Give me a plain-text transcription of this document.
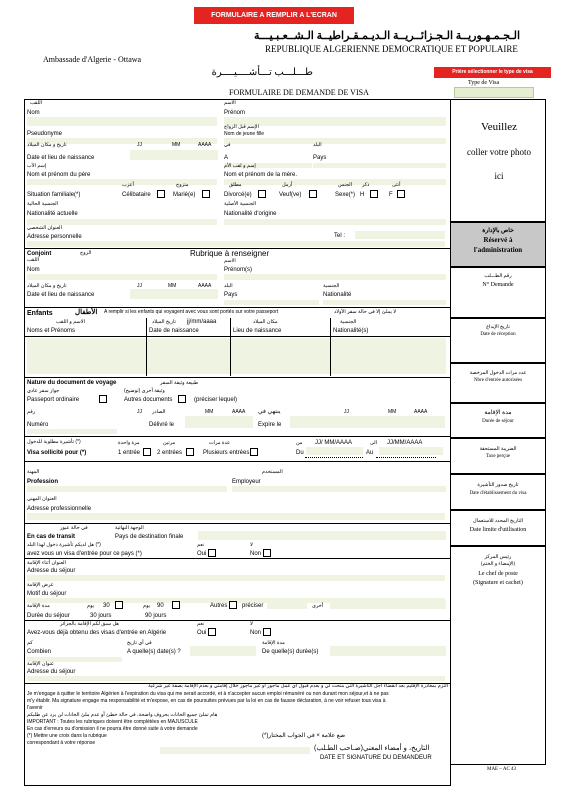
FORMULAIRE A REMPLIR A L'ECRAN
الـجـمـهـوريــة الـجـزائــريــة الـديـمـقـراطيــة الـشــعـبـيـــة
REPUBLIQUE ALGERIENNE DEMOCRATIQUE ET POPULAIRE
Ambassade d'Algerie - Ottawa
Prière sélectionner le type de visa
Type de Visa
طـــلـــب تـــأشــــيــــرة
FORMULAIRE DE DEMANDE DE VISA
Veuillez
coller votre photo
ici
اللقب
Nom
الاسم
Prénom
الإسم قبل الزواج
Pseudonyme	Nom de jeune fille
تاريخ و مكان الميلاد	JJ	MM	AAAA	في	البلد
Date et lieu de naissance	A	Pays
إسم الأب	إسم و لقب الأم
Nom et prénom du père	Nom et prénom de la mère.
أعزب	متزوج	مطلق	أرمل	الجنس ذكر	أنثى
Situation familiale(*)	Célibataire	Marié(e)	Divorcé(e)	Veuf(ve)	Sexe(*) H	F
الجنسية الحالية	الجنسية الأصلية
Nationalité actuelle	Nationalité d'origine
العنوان الشخصي
Adresse personnelle	Tel :
خاص بالإدارة
Réservé à
l'administration
رقم الطـــلب
N° Demande
تاريخ الإيداع
Date de réception
عدد مرات الدخول المرخصة
Nbre d'entrée autorisées
مدة الإقامة
Durée de séjour
الضريبة المستحقة
Taxe perçue
تاريخ صدور التأشيرة
Date d'établissement du visa
التاريخ المحدد للاستعمال
Date limite d'utilisation
رئيس المركز
(الإمضاء و الختم)
Le chef de poste
(Signature et cachet)
Conjoint	الزوج	Rubrique à renseigner
اللقب
Nom
الاسم
Prénom(s)
تاريخ و مكان الميلاد	JJ	MM	AAAA	البلد	الجنسية
Date et lieu de naissance	Pays	Nationalité
Enfants	الأطفال A remplir si les enfants qui voyagent avec vous sont portés sur votre passeport	لا يملئ إلا في حالة سفر الأولاد
الاسم و اللقب	تاريخ الميلاد jj/mm/aaaa	مكان الميلاد	الجنسية
Noms et Prénoms	Date de naissance	Lieu de naissance	Nationalité(s)
Nature du document de voyage	طبيعة وثيقة السفر
جواز سفر عادي	وثيقة أخرى (توضيح)
Passeport ordinaire	Autres documents	(préciser lequel)
رقم	JJ الصادر	MM	AAAA ينتهي في	JJ	MM	AAAA
Numéro	Délivré le	Expire le
تأشيرة مطلوبة للدخول (*)	مرة واحدة	مرتين	عدة مرات	من JJ/ MM/AAAA	الى JJ/MM/AAAA
Visa sollicité pour (*)	1 entrée	2 entrées	Plusieurs entrées	Du	Au
المهنة	المستخدم
Profession	Employeur
العنوان المهني
Adresse professionnelle
في حالة عبور	الوجهة النهائية
En cas de transit	Pays de destination finale
هل لديكم تأشيرة دخول لهذا البلد (*)	نعم	لا
avez vous un visa d'entrée pour ce pays (*)	Oui	Non
العنوان أثناء الإقامة
Adresse du séjour
غرض الإقامة
Motif du séjour
مدة الإقامة	يوم 30	يوم 90	Autres préciser	أخرى
Durée du séjour	30 jours	90 jours
هل سبق لكم الإقامة بالجزائر	نعم	لا
Avez-vous déjà obtenu des visas d'entrée en Algérie	Oui	Non
كم	في أي تاريخ	مدة الإقامة
Combien	A quelle(s) date(s) ?	De quelle(s) durée(s)
عنوان الإقامة
Adresse du séjour
التزم بمغادرة الإقليم بعد انقضاء أجل التأشيرة التي منحت لي و بعدم قبول أي عمل مأجور أو غير مأجور خلال إقامتي و بعدم الإقامة بصفة غير شرعية
Je m'engage à quitter le territoire Algérien à l'expiration du visa qui me serait accordé, et à n'accepter aucun emploi rémunéré ou non durant mon séjour,et à ne pas
m'y établir. Ma signature engage ma responsabilité et m'expose, en cas de poursuites prévues par la loi en cas de fausse déclaration, à ne voir refuser tous visa à
l'avenir
هام تملئ جميع الخانات بحروف واضحة، في حالة خطئ أو عدم ملئ الخانات لن يرد عن طلبكم
IMPORTANT : Toutes les rubriques doivent être complétées en MAJUSCULE
En cas d'erreurs ou d'omission il ne pourra être donné suite à votre demande
(*) Mettre une croix dans la rubrique
correspondant à votre réponse
(*)ضع علامة × في الجواب المختار
التاريخ، و أمضاء المعني(صـاحب الطـلب)
DATE ET SIGNATURE DU DEMANDEUR
MAE – AC 43
